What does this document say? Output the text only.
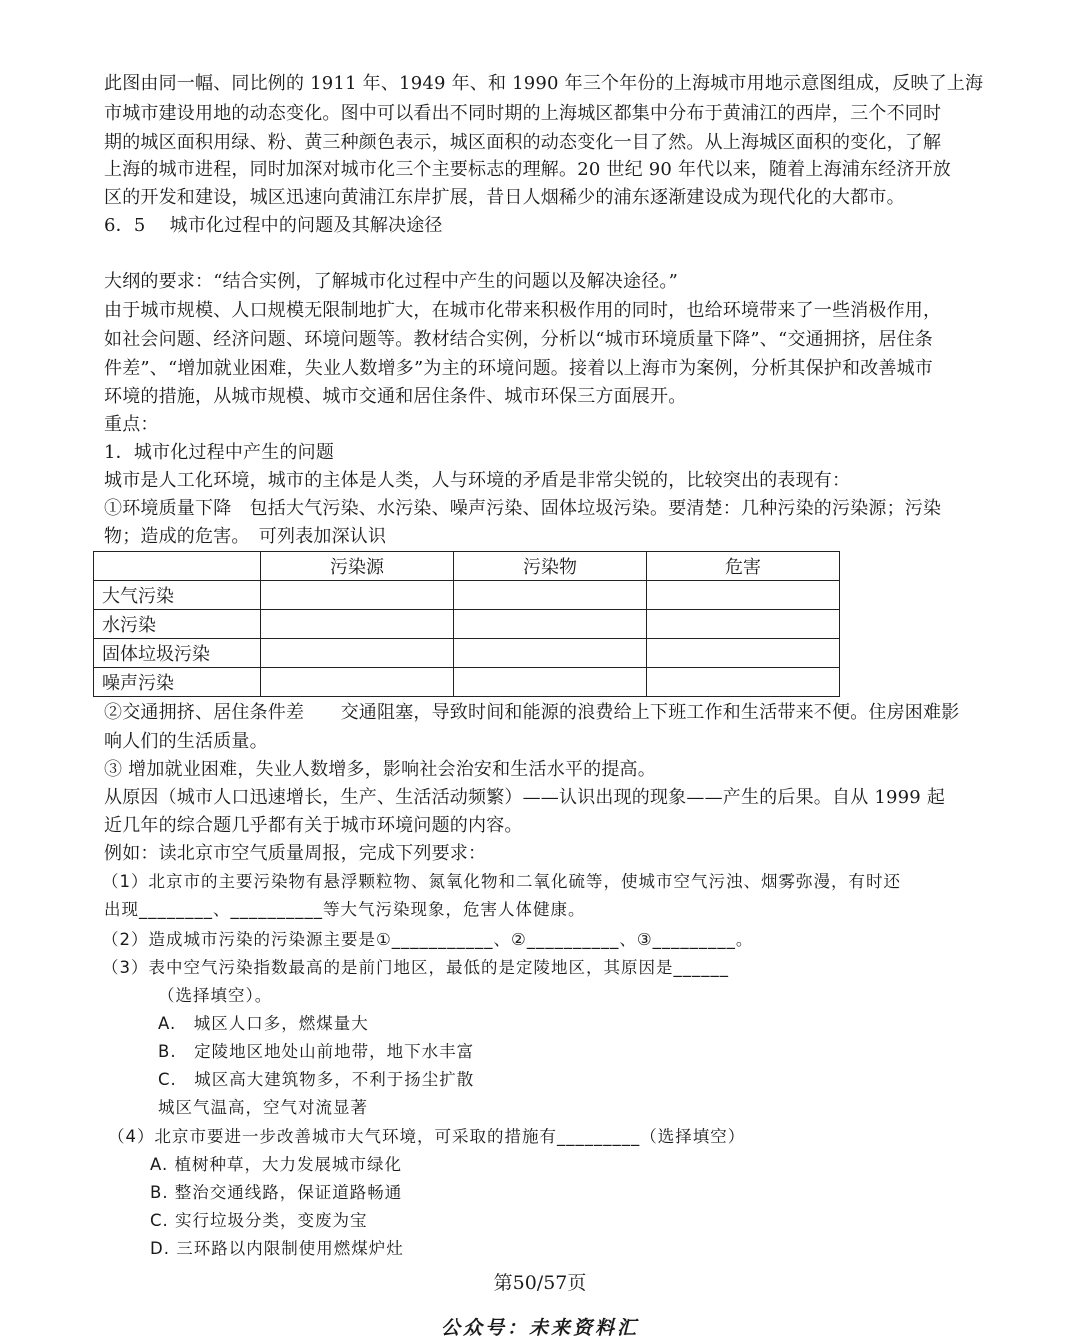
此图由同一幅、同比例的 1911 年、1949 年、和 1990 年三个年份的上海城市用地示意图组成，反映了上海
市城市建设用地的动态变化。图中可以看出不同时期的上海城区都集中分布于黄浦江的西岸，三个不同时
期的城区面积用绿、粉、黄三种颜色表示，城区面积的动态变化一目了然。从上海城区面积的变化，了解
上海的城市进程，同时加深对城市化三个主要标志的理解。20 世纪 90 年代以来，随着上海浦东经济开放
区的开发和建设，城区迅速向黄浦江东岸扩展，昔日人烟稀少的浦东逐渐建设成为现代化的大都市。
6．5　 城市化过程中的问题及其解决途径
大纲的要求：“结合实例，了解城市化过程中产生的问题以及解决途径。”
由于城市规模、人口规模无限制地扩大，在城市化带来积极作用的同时，也给环境带来了一些消极作用，
如社会问题、经济问题、环境问题等。教材结合实例，分析以“城市环境质量下降”、“交通拥挤，居住条
件差”、“增加就业困难，失业人数增多”为主的环境问题。接着以上海市为案例，分析其保护和改善城市
环境的措施，从城市规模、城市交通和居住条件、城市环保三方面展开。
重点：
1．城市化过程中产生的问题
城市是人工化环境，城市的主体是人类，人与环境的矛盾是非常尖锐的，比较突出的表现有：
①环境质量下降　包括大气污染、水污染、噪声污染、固体垃圾污染。要清楚：几种污染的污染源；污染
物；造成的危害。　可列表加深认识
	污染源	污染物	危害
大气污染			
水污染			
固体垃圾污染			
噪声污染			
②交通拥挤、居住条件差　　交通阻塞，导致时间和能源的浪费给上下班工作和生活带来不便。住房困难影
响人们的生活质量。
③ 增加就业困难，失业人数增多，影响社会治安和生活水平的提高。
从原因（城市人口迅速增长，生产、生活活动频繁）——认识出现的现象——产生的后果。自从 1999 起
近几年的综合题几乎都有关于城市环境问题的内容。
例如：读北京市空气质量周报，完成下列要求：
（1）北京市的主要污染物有悬浮颗粒物、氮氧化物和二氧化硫等，使城市空气污浊、烟雾弥漫，有时还
出现________、__________等大气污染现象，危害人体健康。
（2）造成城市污染的污染源主要是①___________、②__________、③_________。
（3）表中空气污染指数最高的是前门地区，最低的是定陵地区，其原因是______
（选择填空）。
A.　城区人口多，燃煤量大
B.　定陵地区地处山前地带，地下水丰富
C.　城区高大建筑物多，不利于扬尘扩散
城区气温高，空气对流显著
（4）北京市要进一步改善城市大气环境，可采取的措施有_________（选择填空）
A. 植树种草，大力发展城市绿化
B. 整治交通线路，保证道路畅通
C. 实行垃圾分类，变废为宝
D. 三环路以内限制使用燃煤炉灶
第50/57页
公众号：未来资料汇
